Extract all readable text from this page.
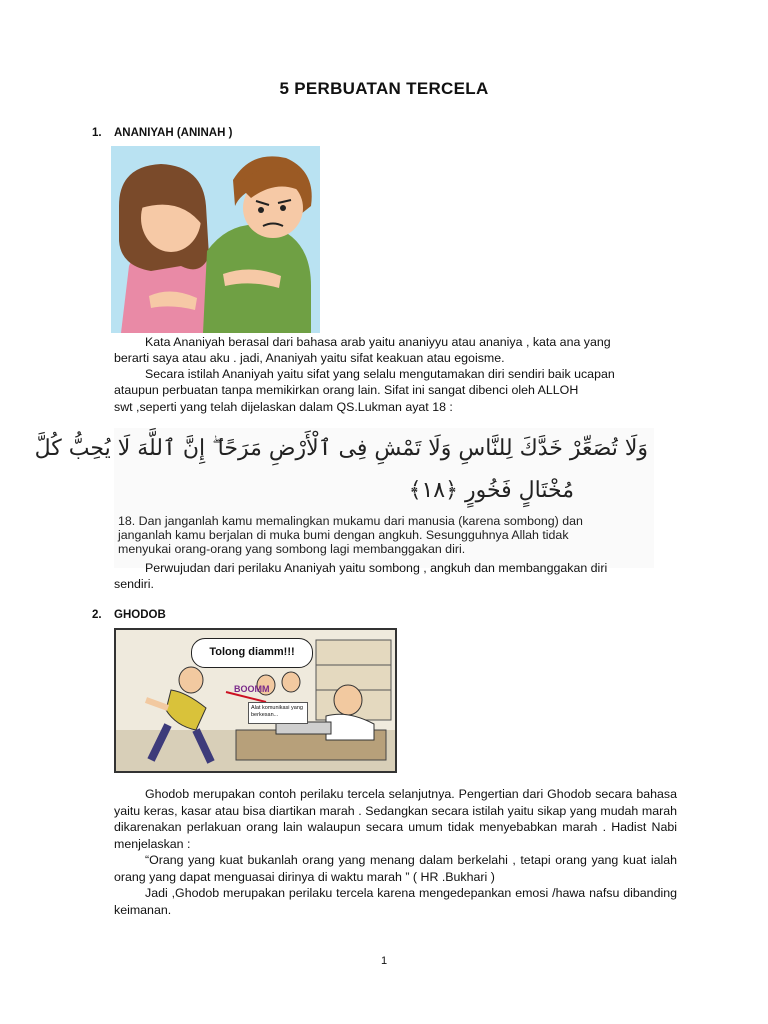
5 PERBUATAN TERCELA
1. ANANIYAH (ANINAH )

Kata Ananiyah berasal dari bahasa arab yaitu ananiyyu atau ananiya , kata ana yang

berarti saya atau aku . jadi, Ananiyah yaitu sifat keakuan atau egoisme.

Secara istilah Ananiyah yaitu sifat yang selalu mengutamakan diri sendiri baik ucapan

ataupun perbuatan tanpa memikirkan orang lain. Sifat ini sangat dibenci oleh ALLOH

swt ,seperti yang telah dijelaskan dalam QS.Lukman ayat 18 :

وَلَا تُصَعِّرْ خَدَّكَ لِلنَّاسِ وَلَا تَمْشِ فِى ٱلْأَرْضِ مَرَحًا ۖ إِنَّ ٱللَّهَ لَا يُحِبُّ كُلَّ
مُخْتَالٍ فَخُورٍ ﴿١٨﴾
18. Dan janganlah kamu memalingkan mukamu dari manusia (karena sombong) dan
janganlah kamu berjalan di muka bumi dengan angkuh. Sesungguhnya Allah tidak
menyukai orang-orang yang sombong lagi membanggakan diri.

Perwujudan dari perilaku Ananiyah yaitu sombong , angkuh dan membanggakan diri

sendiri.

2. GHODOB
Tolong diamm!!!
BOOMM
Alat komunikasi yang berkesan...

Ghodob merupakan contoh perilaku tercela selanjutnya. Pengertian dari Ghodob secara bahasa yaitu keras, kasar atau bisa diartikan marah . Sedangkan secara istilah yaitu sikap yang mudah marah dikarenakan perlakuan orang lain walaupun secara umum tidak menyebabkan marah . Hadist Nabi menjelaskan :

“Orang yang kuat bukanlah orang yang menang dalam berkelahi , tetapi orang yang kuat ialah orang yang dapat menguasai dirinya di waktu marah ” ( HR .Bukhari )

Jadi ,Ghodob merupakan perilaku tercela karena mengedepankan emosi /hawa nafsu dibanding keimanan.

1
